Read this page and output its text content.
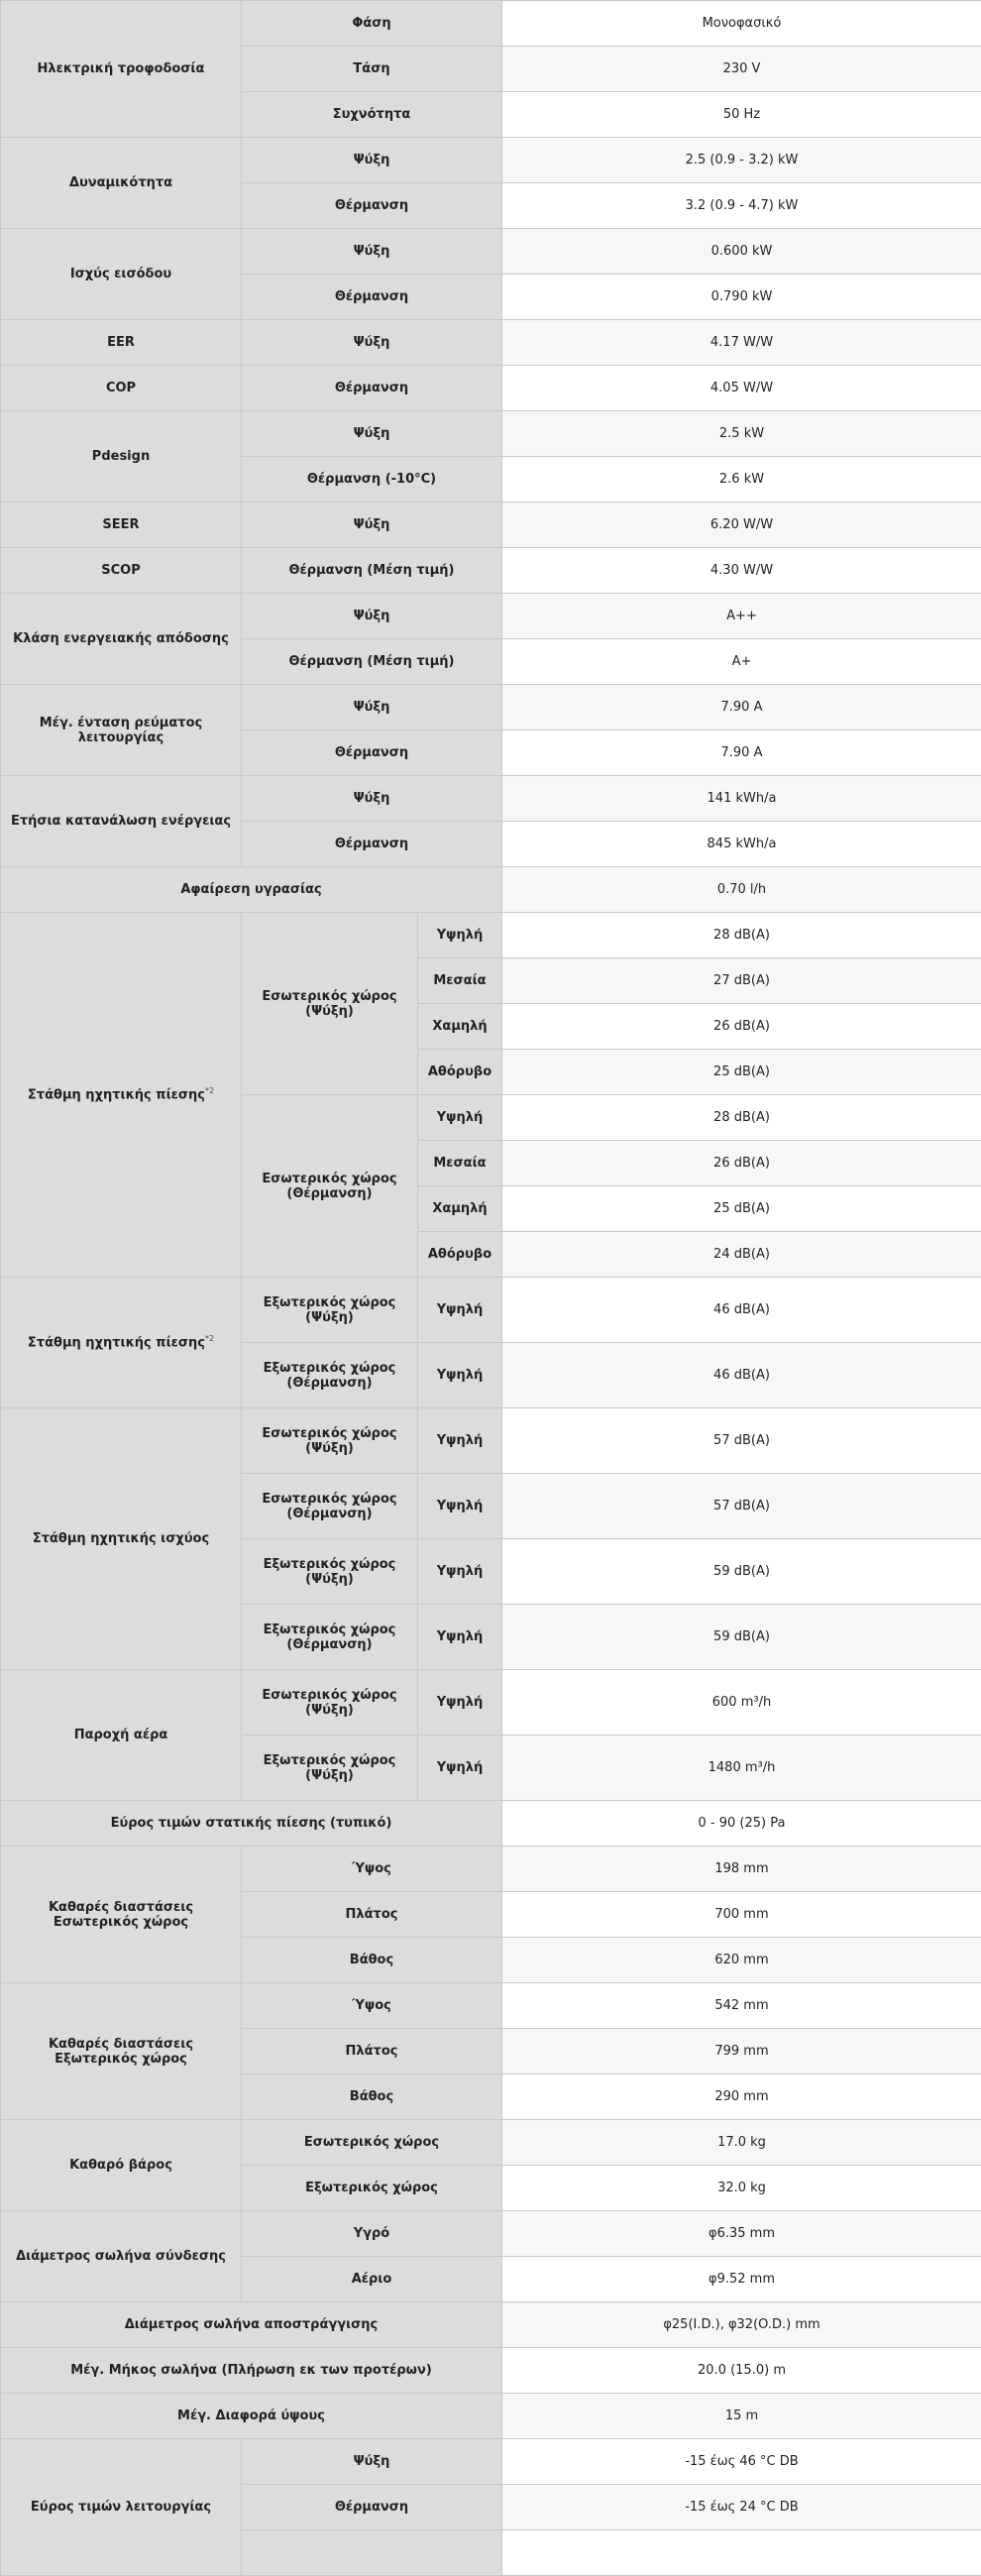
Ηλεκτρική τροφοδοσία	Φάση		Μονοφασικό
	Τάση		230 V
	Συχνότητα		50 Hz
Δυναμικότητα	Ψύξη		2.5 (0.9 - 3.2) kW
	Θέρμανση		3.2 (0.9 - 4.7) kW
Ισχύς εισόδου	Ψύξη		0.600 kW
	Θέρμανση		0.790 kW
EER	Ψύξη		4.17 W/W
COP	Θέρμανση		4.05 W/W
Pdesign	Ψύξη		2.5 kW
	Θέρμανση (-10°C)		2.6 kW
SEER	Ψύξη		6.20 W/W
SCOP	Θέρμανση (Μέση τιμή)		4.30 W/W
Κλάση ενεργειακής απόδοσης	Ψύξη		A++
	Θέρμανση (Μέση τιμή)		A+
Μέγ. ένταση ρεύματος λειτουργίας	Ψύξη		7.90 A
	Θέρμανση		7.90 A
Ετήσια κατανάλωση ενέργειας	Ψύξη		141 kWh/a
	Θέρμανση		845 kWh/a
Αφαίρεση υγρασίας			0.70 l/h
Στάθμη ηχητικής πίεσης$^{*2}$	Εσωτερικός χώρος (Ψύξη)	Υψηλή	28 dB(A)
		Μεσαία	27 dB(A)
		Χαμηλή	26 dB(A)
		Αθόρυβο	25 dB(A)
	Εσωτερικός χώρος (Θέρμανση)	Υψηλή	28 dB(A)
		Μεσαία	26 dB(A)
		Χαμηλή	25 dB(A)
		Αθόρυβο	24 dB(A)
Στάθμη ηχητικής πίεσης$^{*2}$	Εξωτερικός χώρος (Ψύξη)	Υψηλή	46 dB(A)
	Εξωτερικός χώρος (Θέρμανση)	Υψηλή	46 dB(A)
Στάθμη ηχητικής ισχύος	Εσωτερικός χώρος (Ψύξη)	Υψηλή	57 dB(A)
	Εσωτερικός χώρος (Θέρμανση)	Υψηλή	57 dB(A)
	Εξωτερικός χώρος (Ψύξη)	Υψηλή	59 dB(A)
	Εξωτερικός χώρος (Θέρμανση)	Υψηλή	59 dB(A)
Παροχή αέρα	Εσωτερικός χώρος (Ψύξη)	Υψηλή	600 m³/h
	Εξωτερικός χώρος (Ψύξη)	Υψηλή	1480 m³/h
Εύρος τιμών στατικής πίεσης (τυπικό)			0 - 90 (25) Pa
Καθαρές διαστάσεις Εσωτερικός χώρος	Ύψος		198 mm
	Πλάτος		700 mm
	Βάθος		620 mm
Καθαρές διαστάσεις Εξωτερικός χώρος	Ύψος		542 mm
	Πλάτος		799 mm
	Βάθος		290 mm
Καθαρό βάρος	Εσωτερικός χώρος		17.0 kg
	Εξωτερικός χώρος		32.0 kg
Διάμετρος σωλήνα σύνδεσης	Υγρό		φ6.35 mm
	Αέριο		φ9.52 mm
Διάμετρος σωλήνα αποστράγγισης			φ25(I.D.), φ32(O.D.) mm
Μέγ. Μήκος σωλήνα (Πλήρωση εκ των προτέρων)			20.0 (15.0) m
Μέγ. Διαφορά ύψους			15 m
Εύρος τιμών λειτουργίας	Ψύξη		-15 έως 46 °C DB
	Θέρμανση		-15 έως 24 °C DB
